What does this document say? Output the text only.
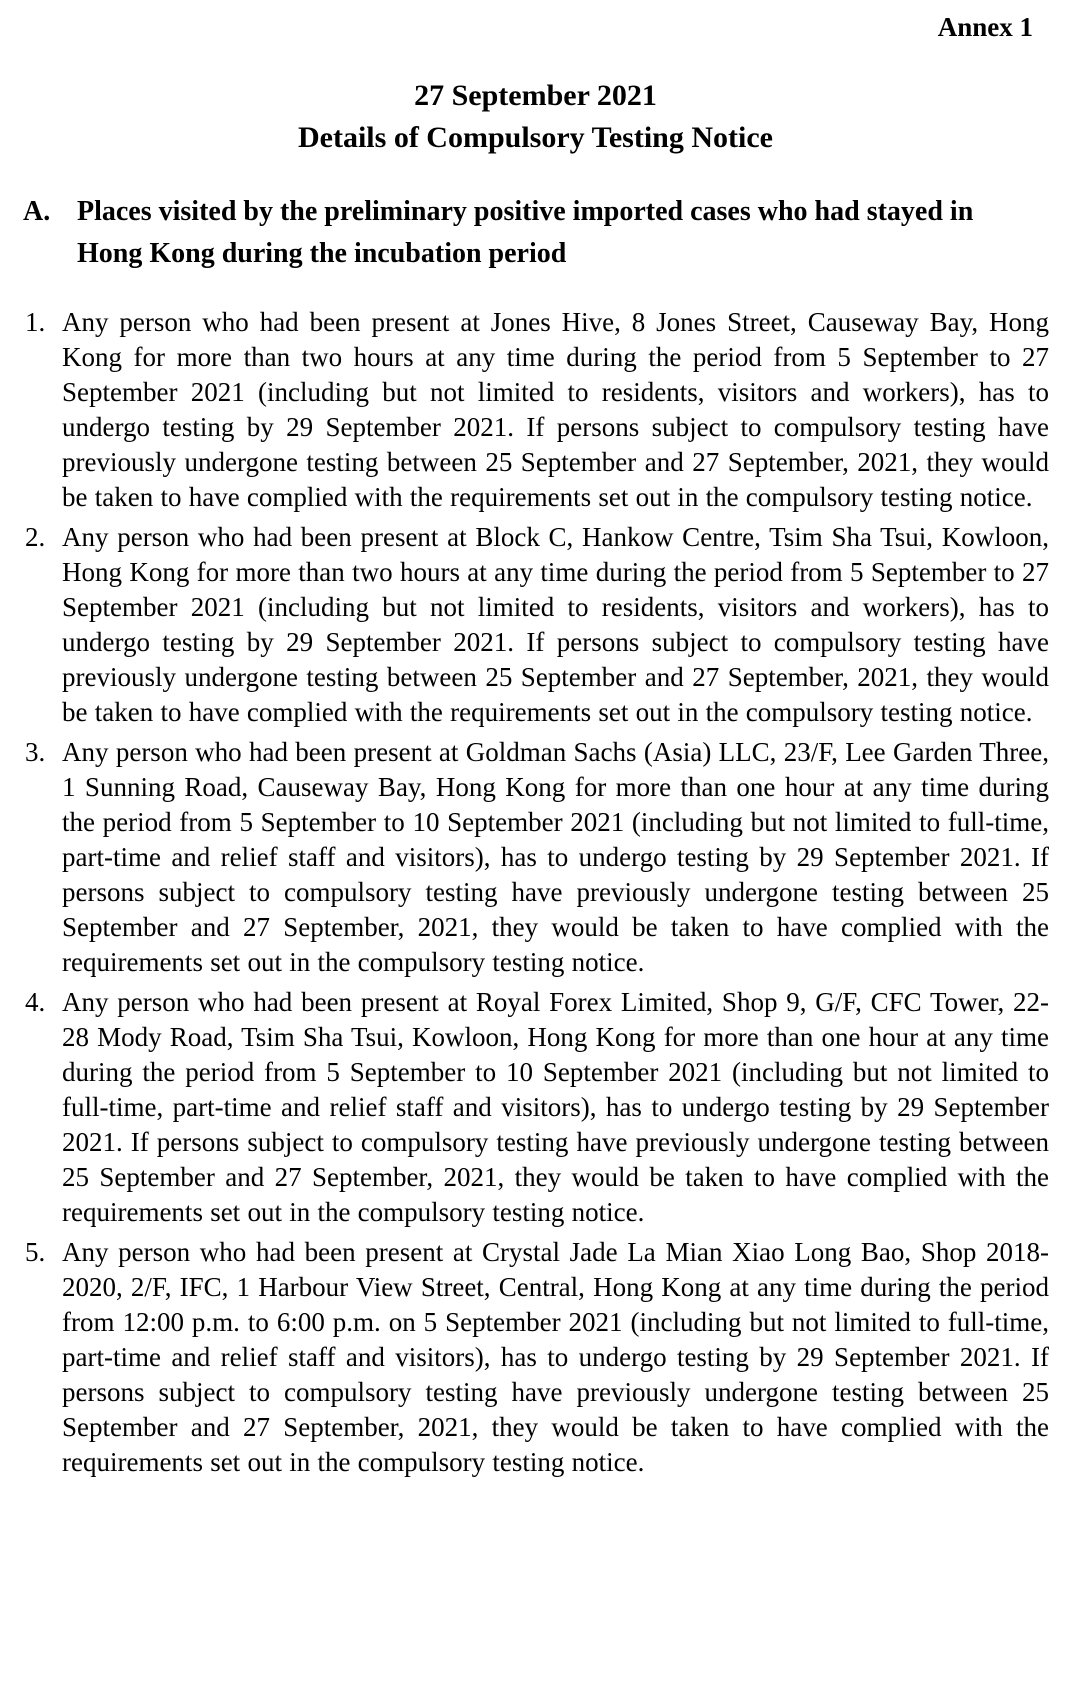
Annex 1
27 September 2021
Details of Compulsory Testing Notice
A. Places visited by the preliminary positive imported cases who had stayed in Hong Kong during the incubation period
1. Any person who had been present at Jones Hive, 8 Jones Street, Causeway Bay, Hong Kong for more than two hours at any time during the period from 5 September to 27 September 2021 (including but not limited to residents, visitors and workers), has to undergo testing by 29 September 2021. If persons subject to compulsory testing have previously undergone testing between 25 September and 27 September, 2021, they would be taken to have complied with the requirements set out in the compulsory testing notice.
2. Any person who had been present at Block C, Hankow Centre, Tsim Sha Tsui, Kowloon, Hong Kong for more than two hours at any time during the period from 5 September to 27 September 2021 (including but not limited to residents, visitors and workers), has to undergo testing by 29 September 2021. If persons subject to compulsory testing have previously undergone testing between 25 September and 27 September, 2021, they would be taken to have complied with the requirements set out in the compulsory testing notice.
3. Any person who had been present at Goldman Sachs (Asia) LLC, 23/F, Lee Garden Three, 1 Sunning Road, Causeway Bay, Hong Kong for more than one hour at any time during the period from 5 September to 10 September 2021 (including but not limited to full-time, part-time and relief staff and visitors), has to undergo testing by 29 September 2021. If persons subject to compulsory testing have previously undergone testing between 25 September and 27 September, 2021, they would be taken to have complied with the requirements set out in the compulsory testing notice.
4. Any person who had been present at Royal Forex Limited, Shop 9, G/F, CFC Tower, 22-28 Mody Road, Tsim Sha Tsui, Kowloon, Hong Kong for more than one hour at any time during the period from 5 September to 10 September 2021 (including but not limited to full-time, part-time and relief staff and visitors), has to undergo testing by 29 September 2021. If persons subject to compulsory testing have previously undergone testing between 25 September and 27 September, 2021, they would be taken to have complied with the requirements set out in the compulsory testing notice.
5. Any person who had been present at Crystal Jade La Mian Xiao Long Bao, Shop 2018-2020, 2/F, IFC, 1 Harbour View Street, Central, Hong Kong at any time during the period from 12:00 p.m. to 6:00 p.m. on 5 September 2021 (including but not limited to full-time, part-time and relief staff and visitors), has to undergo testing by 29 September 2021. If persons subject to compulsory testing have previously undergone testing between 25 September and 27 September, 2021, they would be taken to have complied with the requirements set out in the compulsory testing notice.
